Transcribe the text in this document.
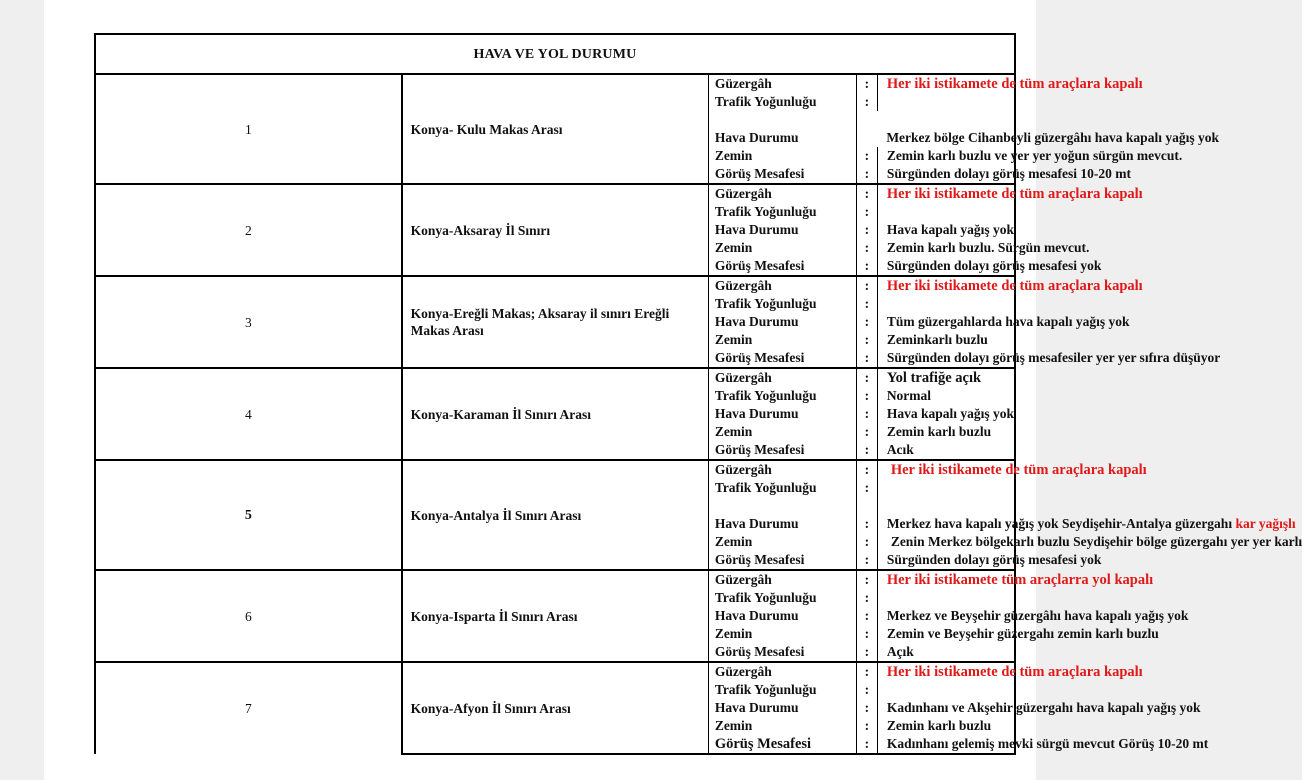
HAVA VE YOL DURUMU
1	Konya- Kulu Makas Arası	
Güzergâh	:	Her iki istikamete de tüm araçlara kapalı
Trafik Yoğunluğu	:	

Hava Durumu		Merkez bölge Cihanbeyli güzergâhı hava kapalı yağış yok
Zemin	:	Zemin karlı buzlu ve yer yer yoğun sürgün mevcut.
Görüş Mesafesi	:	Sürgünden dolayı görüş mesafesi 10-20 mt

2	Konya-Aksaray İl Sınırı	
Güzergâh	:	Her iki istikamete de tüm araçlara kapalı
Trafik Yoğunluğu	:	
Hava Durumu	:	Hava kapalı yağış yok
Zemin	:	Zemin karlı buzlu. Sürgün mevcut.
Görüş Mesafesi	:	Sürgünden dolayı görüş mesafesi yok

3	Konya-Ereğli Makas; Aksaray il sınırı Ereğli Makas Arası	
Güzergâh	:	Her iki istikamete de tüm araçlara kapalı
Trafik Yoğunluğu	:	
Hava Durumu	:	Tüm güzergahlarda hava kapalı yağış yok
Zemin	:	Zeminkarlı buzlu
Görüş Mesafesi	:	Sürgünden dolayı görüş mesafesiler yer yer sıfıra düşüyor

4	Konya-Karaman İl Sınırı Arası	
Güzergâh	:	Yol trafiğe açık
Trafik Yoğunluğu	:	Normal
Hava Durumu	:	Hava kapalı yağış yok
Zemin	:	Zemin karlı buzlu
Görüş Mesafesi	:	Acık

5	Konya-Antalya İl Sınırı Arası	
Güzergâh	:	Her iki istikamete de tüm araçlara kapalı
Trafik Yoğunluğu	:	

Hava Durumu	:	Merkez hava kapalı yağış yok Seydişehir-Antalya güzergahı kar yağışlı
Zemin	:	Zenin Merkez bölgekarlı buzlu Seydişehir bölge güzergahı yer yer karlı
Görüş Mesafesi	:	Sürgünden dolayı görüş mesafesi yok

6	Konya-Isparta İl Sınırı Arası	
Güzergâh	:	Her iki istikamete tüm araçlarra yol kapalı
Trafik Yoğunluğu	:	
Hava Durumu	:	Merkez ve Beyşehir güzergâhı hava kapalı yağış yok
Zemin	:	Zemin ve Beyşehir güzergahı zemin karlı buzlu
Görüş Mesafesi	:	Açık

7	Konya-Afyon İl Sınırı Arası	
Güzergâh	:	Her iki istikamete de tüm araçlara kapalı
Trafik Yoğunluğu	:	
Hava Durumu	:	Kadınhanı ve Akşehir güzergahı hava kapalı yağış yok
Zemin	:	Zemin karlı buzlu
Görüş Mesafesi	:	Kadınhanı gelemiş mevki sürgü mevcut Görüş 10-20 mt
